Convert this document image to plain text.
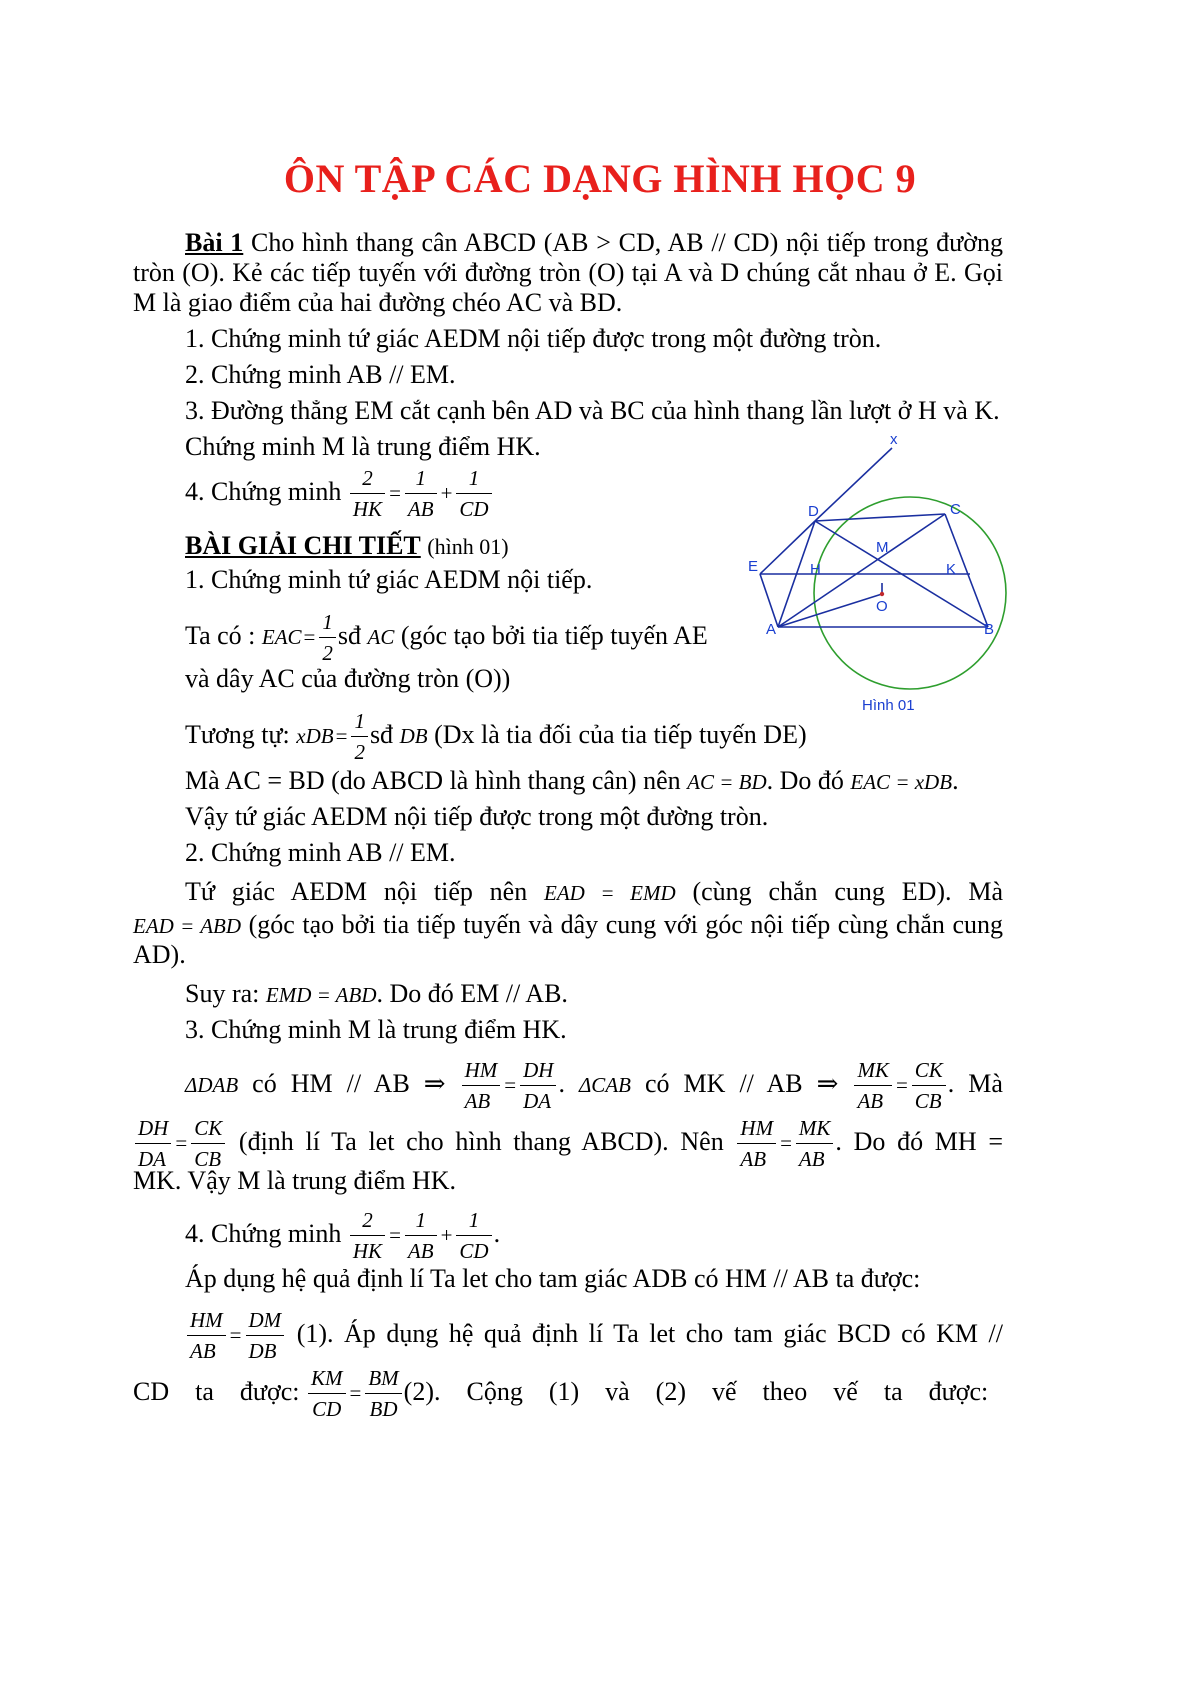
ÔN TẬP CÁC DẠNG HÌNH HỌC 9
Bài 1 Cho hình thang cân ABCD (AB > CD, AB // CD) nội tiếp trong đường
tròn (O). Kẻ các tiếp tuyến với đường tròn (O) tại A và D chúng cắt nhau ở E. Gọi
M là giao điểm của hai đường chéo AC và BD.
1. Chứng minh tứ giác AEDM nội tiếp được trong một đường tròn.
2. Chứng minh AB // EM.
3. Đường thẳng EM cắt cạnh bên AD và BC của hình thang lần lượt ở H và K.
Chứng minh M là trung điểm HK.
4. Chứng minh $\frac{2}{HK} = \frac{1}{AB} + \frac{1}{CD}$
BÀI GIẢI CHI TIẾT (hình 01)
1. Chứng minh tứ giác AEDM nội tiếp.
Ta có : $EAC= \frac{1}{2}$ sđ AC (góc tạo bởi tia tiếp tuyến AE
và dây AC của đường tròn (O))
Tương tự: $xDB= \frac{1}{2}$ sđ DB (Dx là tia đối của tia tiếp tuyến DE)
Mà AC = BD (do ABCD là hình thang cân) nên AC = BD. Do đó EAC = xDB.
Vậy tứ giác AEDM nội tiếp được trong một đường tròn.
2. Chứng minh AB // EM.
Tứ giác AEDM nội tiếp nên EAD = EMD (cùng chắn cung ED). Mà
EAD = ABD (góc tạo bởi tia tiếp tuyến và dây cung với góc nội tiếp cùng chắn cung
AD).
Suy ra: EMD = ABD. Do đó EM // AB.
3. Chứng minh M là trung điểm HK.
ΔDAB có HM // AB ⇒ $\frac{HM}{AB} = \frac{DH}{DA}$ . ΔCAB có MK // AB ⇒ $\frac{MK}{AB} = \frac{CK}{CB}$ . Mà
$\frac{DH}{DA} = \frac{CK}{CB}$ (định lí Ta let cho hình thang ABCD). Nên $\frac{HM}{AB} = \frac{MK}{AB}$ . Do đó MH =
MK. Vậy M là trung điểm HK.
4. Chứng minh $\frac{2}{HK} = \frac{1}{AB} + \frac{1}{CD}$ .
Áp dụng hệ quả định lí Ta let cho tam giác ADB có HM // AB ta được:
$\frac{HM}{AB} = \frac{DM}{DB} (1)$. Áp dụng hệ quả định lí Ta let cho tam giác BCD có KM //
CD    ta    được: $\frac{KM}{CD} = \frac{BM}{BD} (2)$.    Cộng    (1)    và    (2)    vế    theo    vế    ta    được:
x
D	C
M
E	H	K
O
A	B
Hình 01
